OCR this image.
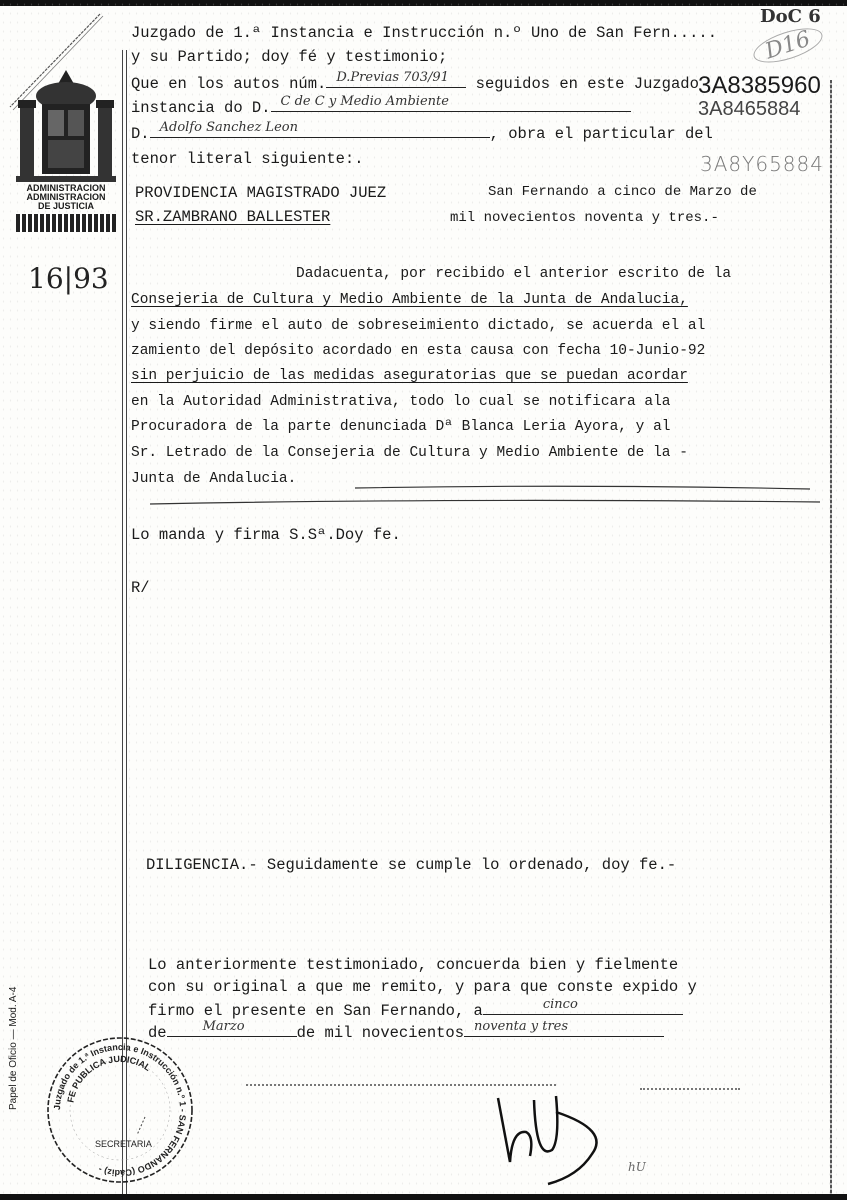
ADMINISTRACION
ADMINISTRACION
DE JUSTICIA
Juzgado de 1.ª Instancia e Instrucción n.º Uno de San Fern.....
y su Partido; doy fé y testimonio;
Que en los autos núm. D.Previas 703/91 seguidos en este Juzgado
instancia do D. C de C y Medio Ambiente
D. Adolfo Sanchez Leon	, obra el particular del
tenor literal siguiente:.
DoC 6
D16
3A8385960
3A8465884
3A8Y65884
16|93
PROVIDENCIA MAGISTRADO JUEZ
SR.ZAMBRANO BALLESTER
San Fernando a cinco de Marzo de
mil novecientos noventa y tres.-
Dadacuenta, por recibido el anterior escrito de la
Consejeria de Cultura y Medio Ambiente de la Junta de Andalucia,
y siendo firme el auto de sobreseimiento dictado, se acuerda el al
zamiento del depósito acordado en esta causa con fecha 10-Junio-92
sin perjuicio de las medidas aseguratorias que se puedan acordar
en la Autoridad Administrativa, todo lo cual se notificara ala
Procuradora de la parte denunciada Dª Blanca Leria Ayora, y al
Sr. Letrado de la Consejeria de Cultura y Medio Ambiente de la -
Junta de Andalucia.
Lo manda y firma S.Sª.Doy fe.
R/
DILIGENCIA.- Seguidamente se cumple lo ordenado, doy fe.-
Lo anteriormente testimoniado, concuerda bien y fielmente
con su original a que me remito, y para que conste expido y
firmo el presente en San Fernando, a	cinco
de	Marzo	de mil novecientos noventa y tres
hU
Juzgado de 1.ª Instancia e Instrucción n.º 1 - SAN FERNANDO (Cádiz) -
FE PUBLICA JUDICIAL
SECRETARIA
Papel de Oficio — Mod. A-4
